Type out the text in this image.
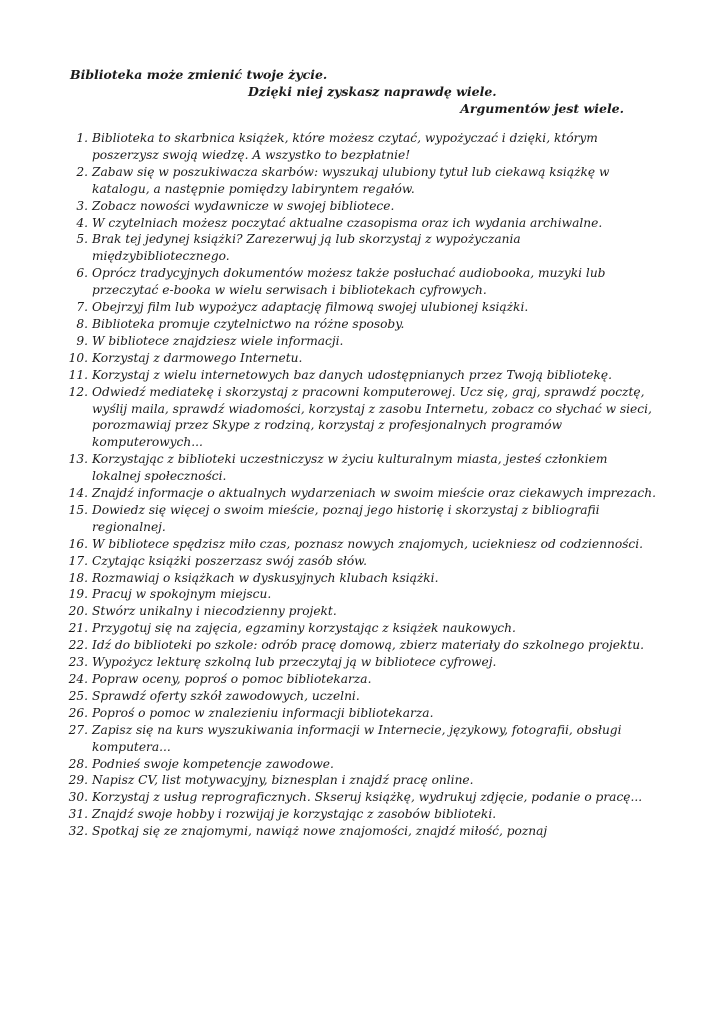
Biblioteka może zmienić twoje życie.
Dzięki niej zyskasz naprawdę wiele.
Argumentów jest wiele.
1. Biblioteka to skarbnica książek, które możesz czytać, wypożyczać i dzięki, którym poszerzysz swoją wiedzę. A wszystko to bezpłatnie!
2. Zabaw się w poszukiwacza skarbów: wyszukaj ulubiony tytuł lub ciekawą książkę w katalogu, a następnie pomiędzy labiryntem regałów.
3. Zobacz nowości wydawnicze w swojej bibliotece.
4. W czytelniach możesz poczytać aktualne czasopisma oraz ich wydania archiwalne.
5. Brak tej jedynej książki? Zarezerwuj ją lub skorzystaj z wypożyczania międzybibliotecznego.
6. Oprócz tradycyjnych dokumentów możesz także posłuchać audiobooka, muzyki lub przeczytać e-booka w wielu serwisach i bibliotekach cyfrowych.
7. Obejrzyj film lub wypożycz adaptację filmową swojej ulubionej książki.
8. Biblioteka promuje czytelnictwo na różne sposoby.
9. W bibliotece znajdziesz wiele informacji.
10. Korzystaj z darmowego Internetu.
11. Korzystaj z wielu internetowych baz danych udostępnianych przez Twoją bibliotekę.
12. Odwiedź mediatekę i skorzystaj z pracowni komputerowej. Ucz się, graj, sprawdź pocztę, wyślij maila, sprawdź wiadomości, korzystaj z zasobu Internetu, zobacz co słychać w sieci, porozmawiaj przez Skype z rodziną, korzystaj z profesjonalnych programów komputerowych...
13. Korzystając z biblioteki uczestniczysz w życiu kulturalnym miasta, jesteś członkiem lokalnej społeczności.
14. Znajdź informacje o aktualnych wydarzeniach w swoim mieście oraz ciekawych imprezach.
15. Dowiedz się więcej o swoim mieście, poznaj jego historię i skorzystaj z bibliografii regionalnej.
16. W bibliotece spędzisz miło czas, poznasz nowych znajomych, uciekniesz od codzienności.
17. Czytając książki poszerzasz swój zasób słów.
18. Rozmawiaj o książkach w dyskusyjnych klubach książki.
19. Pracuj w spokojnym miejscu.
20. Stwórz unikalny i niecodzienny projekt.
21. Przygotuj się na zajęcia, egzaminy korzystając z książek naukowych.
22. Idź do biblioteki po szkole: odrób pracę domową, zbierz materiały do szkolnego projektu.
23. Wypożycz lekturę szkolną lub przeczytaj ją w bibliotece cyfrowej.
24. Popraw oceny, poproś o pomoc bibliotekarza.
25. Sprawdź oferty szkół zawodowych, uczelni.
26. Poproś o pomoc w znalezieniu informacji bibliotekarza.
27. Zapisz się na kurs wyszukiwania informacji w Internecie, językowy, fotografii, obsługi komputera...
28. Podnieś swoje kompetencje zawodowe.
29. Napisz CV, list motywacyjny, biznesplan i znajdź pracę online.
30. Korzystaj z usług reprograficznych. Skseruj książkę, wydrukuj zdjęcie, podanie o pracę...
31. Znajdź swoje hobby i rozwijaj je korzystając z zasobów biblioteki.
32. Spotkaj się ze znajomymi, nawiąż nowe znajomości, znajdź miłość, poznaj
